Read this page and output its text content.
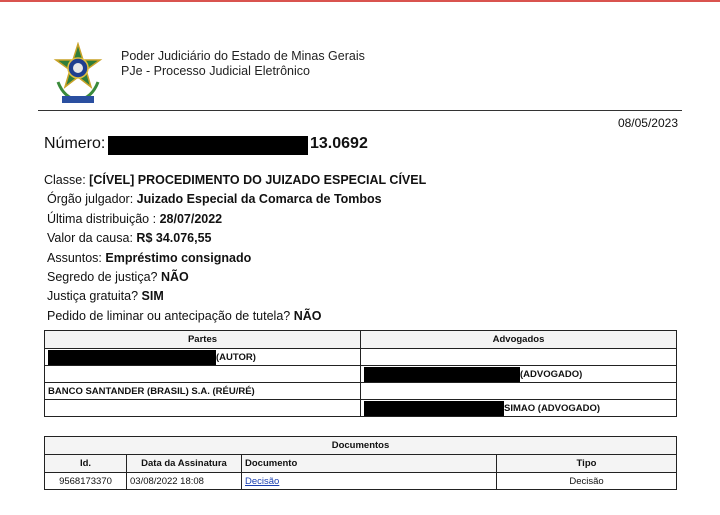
Poder Judiciário do Estado de Minas Gerais
PJe - Processo Judicial Eletrônico
08/05/2023
Número:	13.0692
Classe: [CÍVEL] PROCEDIMENTO DO JUIZADO ESPECIAL CÍVEL
Órgão julgador: Juizado Especial da Comarca de Tombos
Última distribuição : 28/07/2022
Valor da causa: R$ 34.076,55
Assuntos: Empréstimo consignado
Segredo de justiça? NÃO
Justiça gratuita? SIM
Pedido de liminar ou antecipação de tutela? NÃO
Partes	Advogados
(AUTOR)	
	(ADVOGADO)
BANCO SANTANDER (BRASIL) S.A. (RÉU/RÉ)	
	SIMAO (ADVOGADO)
Documentos			
Id.	Data da Assinatura	Documento	Tipo
9568173370	03/08/2022 18:08	Decisão	Decisão
